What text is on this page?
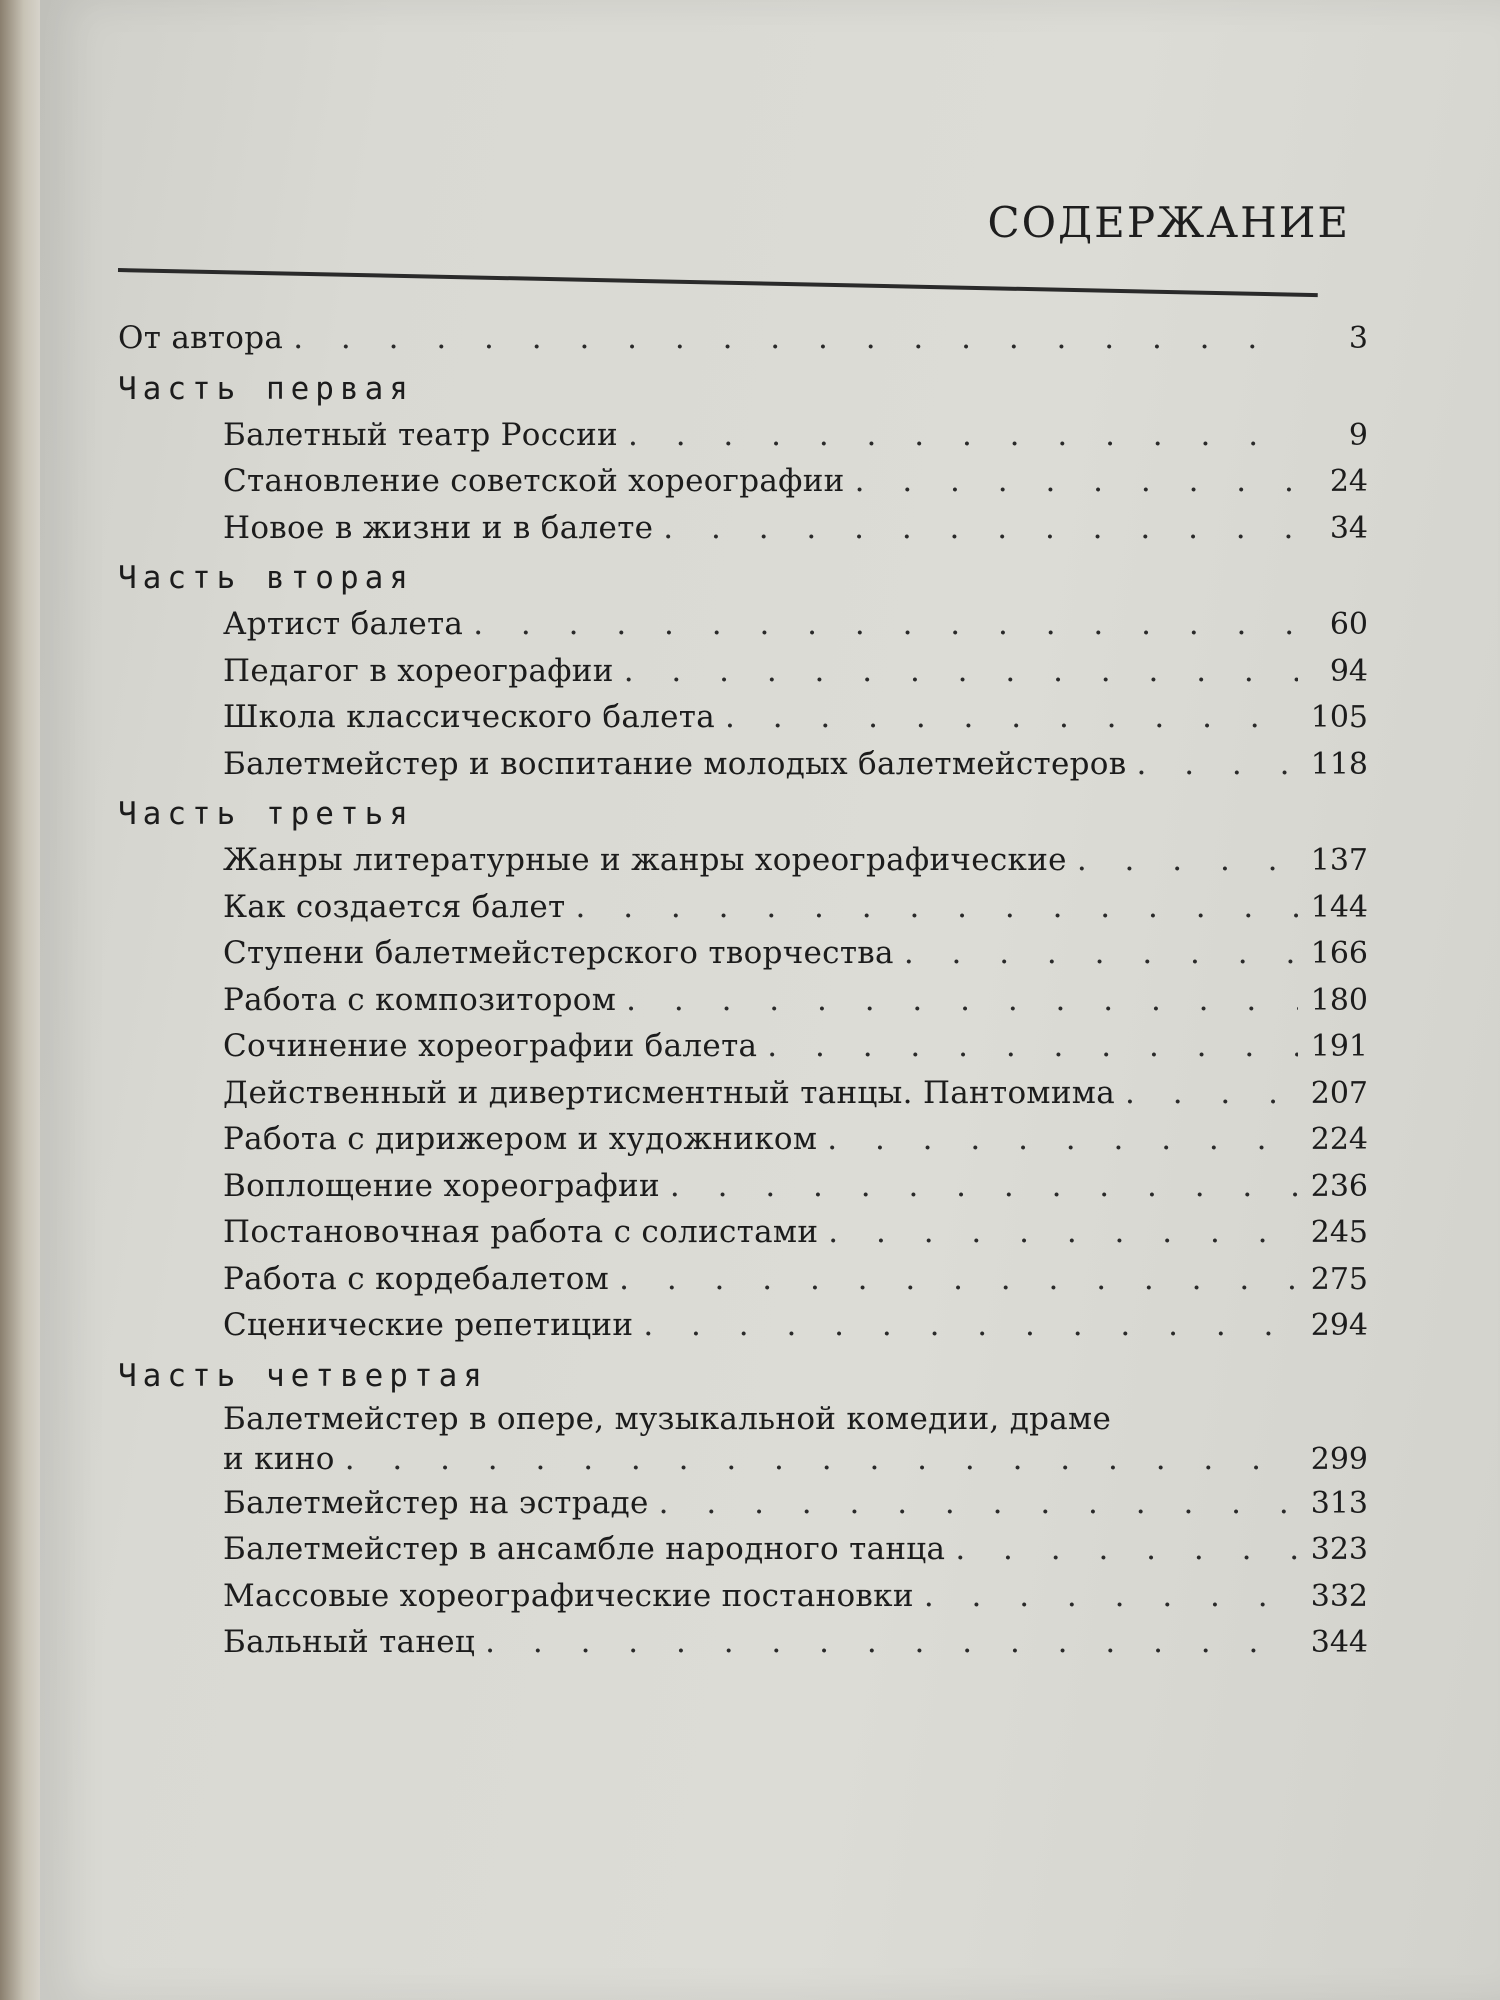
СОДЕРЖАНИЕ
От автора . . .	3
Часть первая
Балетный театр России . . .	9
Становление советской хореографии . . .	24
Новое в жизни и в балете . . .	34
Часть вторая
Артист балета . . .	60
Педагог в хореографии . . .	94
Школа классического балета . . .	105
Балетмейстер и воспитание молодых балетмейстеров . . .	118
Часть третья
Жанры литературные и жанры хореографические . . .	137
Как создается балет . . .	144
Ступени балетмейстерского творчества . . .	166
Работа с композитором . . .	180
Сочинение хореографии балета . . .	191
Действенный и дивертисментный танцы. Пантомима . . .	207
Работа с дирижером и художником . . .	224
Воплощение хореографии . . .	236
Постановочная работа с солистами . . .	245
Работа с кордебалетом . . .	275
Сценические репетиции . . .	294
Часть четвертая
Балетмейстер в опере, музыкальной комедии, драме
и кино . . .	299
Балетмейстер на эстраде . . .	313
Балетмейстер в ансамбле народного танца . . .	323
Массовые хореографические постановки . . .	332
Бальный танец . . .	344
